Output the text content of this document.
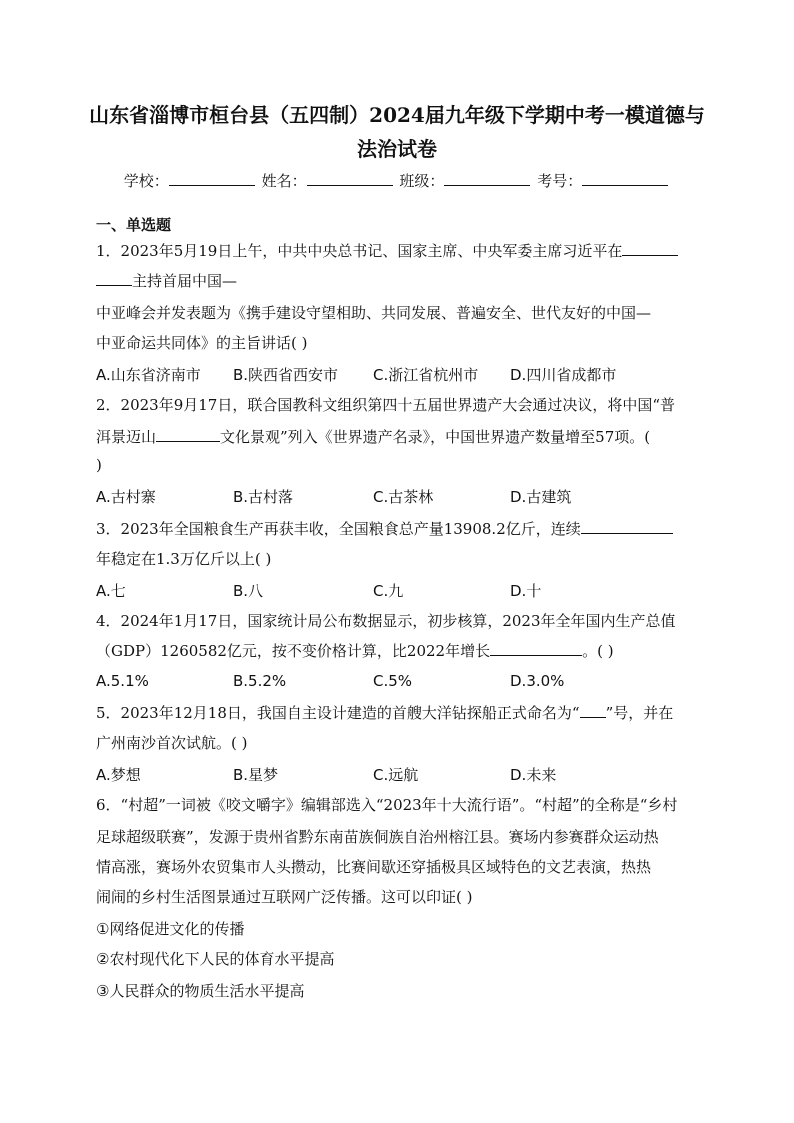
山东省淄博市桓台县（五四制）2024届九年级下学期中考一模道德与
法治试卷
学校：	姓名：	班级：	考号：
一、单选题
1．2023年5月19日上午，中共中央总书记、国家主席、中央军委主席习近平在
主持首届中国—
中亚峰会并发表题为《携手建设守望相助、共同发展、普遍安全、世代友好的中国—
中亚命运共同体》的主旨讲话( )
A.山东省济南市 B.陕西省西安市 C.浙江省杭州市 D.四川省成都市
2．2023年9月17日，联合国教科文组织第四十五届世界遗产大会通过决议，将中国“普
洱景迈山	文化景观”列入《世界遗产名录》，中国世界遗产数量增至57项。(
)
A.古村寨	B.古村落	C.古茶林	D.古建筑
3．2023年全国粮食生产再获丰收，全国粮食总产量13908.2亿斤，连续
年稳定在1.3万亿斤以上( )
A.七	B.八	C.九	D.十
4．2024年1月17日，国家统计局公布数据显示，初步核算，2023年全年国内生产总值
（GDP）1260582亿元，按不变价格计算，比2022年增长	。( )
A.5.1%	B.5.2%	C.5%	D.3.0%
5．2023年12月18日，我国自主设计建造的首艘大洋钻探船正式命名为“ ”号，并在
广州南沙首次试航。( )
A.梦想	B.星梦	C.远航	D.未来
6．“村超”一词被《咬文嚼字》编辑部选入“2023年十大流行语”。“村超”的全称是“乡村
足球超级联赛”，发源于贵州省黔东南苗族侗族自治州榕江县。赛场内参赛群众运动热
情高涨，赛场外农贸集市人头攒动，比赛间歇还穿插极具区域特色的文艺表演，热热
闹闹的乡村生活图景通过互联网广泛传播。这可以印证( )
①网络促进文化的传播
②农村现代化下人民的体育水平提高
③人民群众的物质生活水平提高
